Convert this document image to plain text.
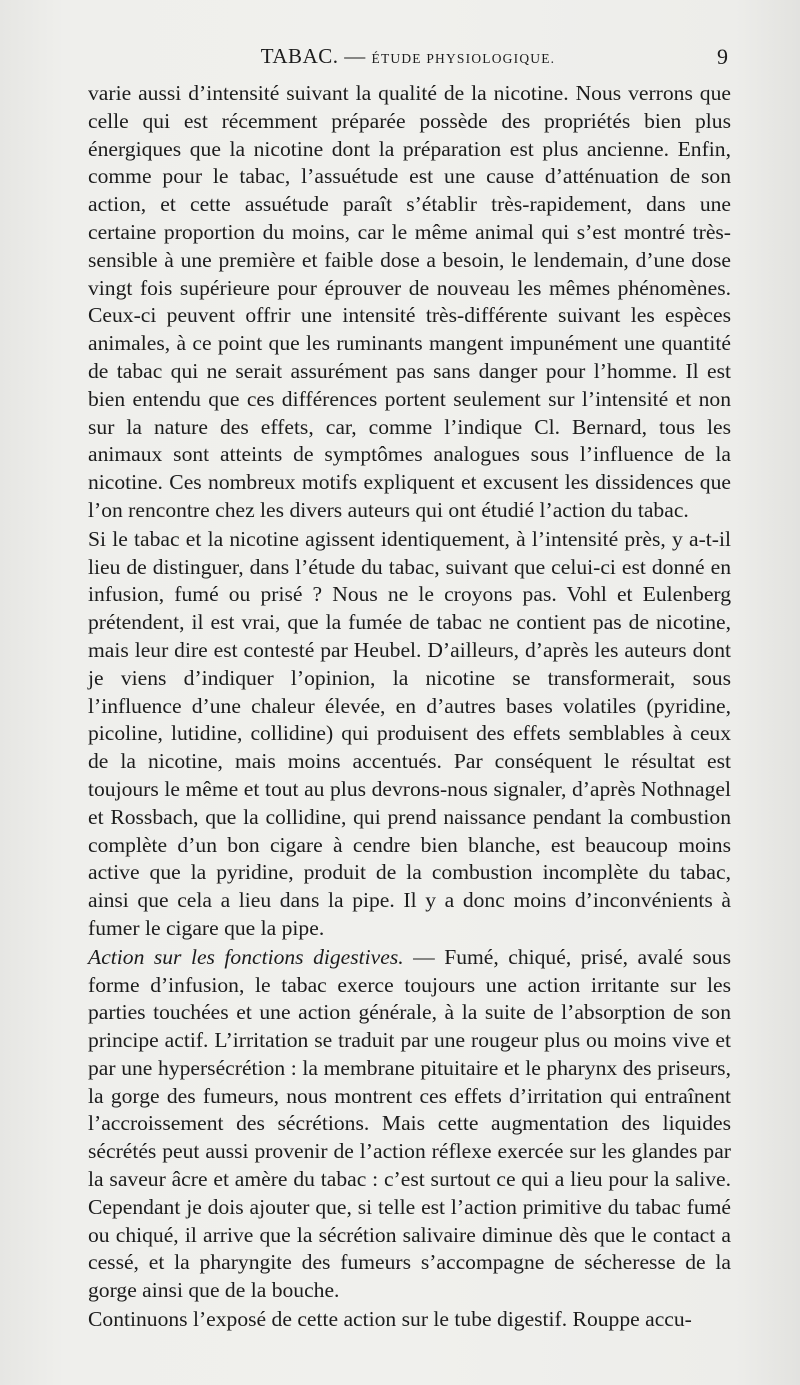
TABAC. — ÉTUDE PHYSIOLOGIQUE.	9

varie aussi d’intensité suivant la qualité de la nicotine. Nous verrons que celle qui est récemment préparée possède des propriétés bien plus énergiques que la nicotine dont la préparation est plus ancienne. Enfin, comme pour le tabac, l’assuétude est une cause d’atténuation de son action, et cette assuétude paraît s’établir très-rapidement, dans une certaine proportion du moins, car le même animal qui s’est montré très-sensible à une première et faible dose a besoin, le lendemain, d’une dose vingt fois supérieure pour éprouver de nouveau les mêmes phénomènes. Ceux-ci peuvent offrir une intensité très-différente suivant les espèces animales, à ce point que les ruminants mangent impunément une quantité de tabac qui ne serait assurément pas sans danger pour l’homme. Il est bien entendu que ces différences portent seulement sur l’intensité et non sur la nature des effets, car, comme l’indique Cl. Bernard, tous les animaux sont atteints de symptômes analogues sous l’influence de la nicotine. Ces nombreux motifs expliquent et excusent les dissidences que l’on rencontre chez les divers auteurs qui ont étudié l’action du tabac.

Si le tabac et la nicotine agissent identiquement, à l’intensité près, y a-t-il lieu de distinguer, dans l’étude du tabac, suivant que celui-ci est donné en infusion, fumé ou prisé ? Nous ne le croyons pas. Vohl et Eulenberg prétendent, il est vrai, que la fumée de tabac ne contient pas de nicotine, mais leur dire est contesté par Heubel. D’ailleurs, d’après les auteurs dont je viens d’indiquer l’opinion, la nicotine se transformerait, sous l’influence d’une chaleur élevée, en d’autres bases volatiles (pyridine, picoline, lutidine, collidine) qui produisent des effets semblables à ceux de la nicotine, mais moins accentués. Par conséquent le résultat est toujours le même et tout au plus devrons-nous signaler, d’après Nothnagel et Rossbach, que la collidine, qui prend naissance pendant la combustion complète d’un bon cigare à cendre bien blanche, est beaucoup moins active que la pyridine, produit de la combustion incomplète du tabac, ainsi que cela a lieu dans la pipe. Il y a donc moins d’inconvénients à fumer le cigare que la pipe.

Action sur les fonctions digestives. — Fumé, chiqué, prisé, avalé sous forme d’infusion, le tabac exerce toujours une action irritante sur les parties touchées et une action générale, à la suite de l’absorption de son principe actif. L’irritation se traduit par une rougeur plus ou moins vive et par une hypersécrétion : la membrane pituitaire et le pharynx des priseurs, la gorge des fumeurs, nous montrent ces effets d’irritation qui entraînent l’accroissement des sécrétions. Mais cette augmentation des liquides sécrétés peut aussi provenir de l’action réflexe exercée sur les glandes par la saveur âcre et amère du tabac : c’est surtout ce qui a lieu pour la salive. Cependant je dois ajouter que, si telle est l’action primitive du tabac fumé ou chiqué, il arrive que la sécrétion salivaire diminue dès que le contact a cessé, et la pharyngite des fumeurs s’accompagne de sécheresse de la gorge ainsi que de la bouche.

Continuons l’exposé de cette action sur le tube digestif. Rouppe accu-
